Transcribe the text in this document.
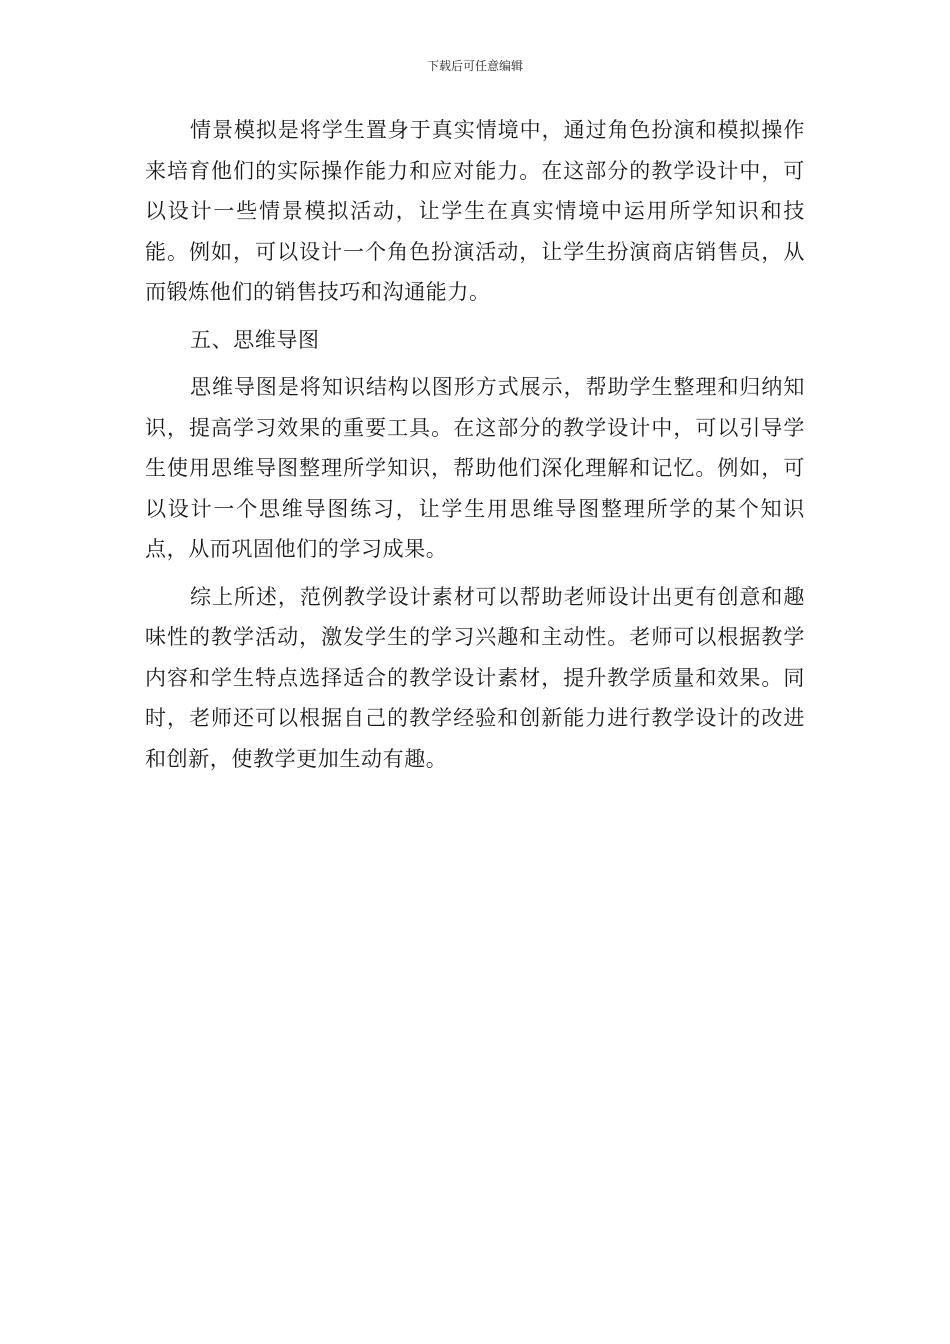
下载后可任意编辑

情景模拟是将学生置身于真实情境中，通过角色扮演和模拟操作来培育他们的实际操作能力和应对能力。在这部分的教学设计中，可以设计一些情景模拟活动，让学生在真实情境中运用所学知识和技能。例如，可以设计一个角色扮演活动，让学生扮演商店销售员，从而锻炼他们的销售技巧和沟通能力。

五、思维导图

思维导图是将知识结构以图形方式展示，帮助学生整理和归纳知识，提高学习效果的重要工具。在这部分的教学设计中，可以引导学生使用思维导图整理所学知识，帮助他们深化理解和记忆。例如，可以设计一个思维导图练习，让学生用思维导图整理所学的某个知识点，从而巩固他们的学习成果。

综上所述，范例教学设计素材可以帮助老师设计出更有创意和趣味性的教学活动，激发学生的学习兴趣和主动性。老师可以根据教学内容和学生特点选择适合的教学设计素材，提升教学质量和效果。同时，老师还可以根据自己的教学经验和创新能力进行教学设计的改进和创新，使教学更加生动有趣。
